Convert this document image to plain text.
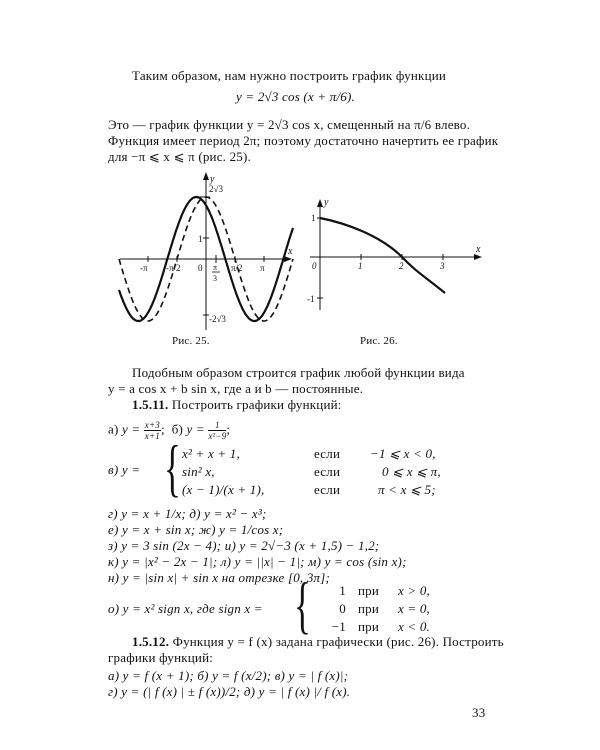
Таким образом, нам нужно построить график функции
y = 2√3 cos (x + π/6).
Это — график функции y = 2√3 cos x, смещенный на π/6 влево.
Функция имеет период 2π; поэтому достаточно начертить ее график
для −π ⩽ x ⩽ π (рис. 25).
y
x
2√3
1
-2√3
-π -π/2 0 π
3
π/2 π
Рис. 25.
y
x
1
-1
0	1	2	3
Рис. 26.
Подобным образом строится график любой функции вида
y = a cos x + b sin x, где a и b — постоянные.
1.5.11. Построить графики функций:
а) $y = \frac{x+3}{x+1}$ ;  б) $y = \frac{1}{\text{x²−9}}$ ;
в) y = { x² + x + 1,	если −1 ⩽ x < 0,
sin² x,	если	0 ⩽ x ⩽ π,
(x − 1)/(x + 1),	если	π < x ⩽ 5;
г) y = x + 1/x; д) y = x² − x³;
е) y = x + sin x; ж) y = 1/cos x;
з) y = 3 sin (2x − 4); и) y = 2√−3 (x + 1,5) − 1,2;
к) y = |x² − 2x − 1|; л) y = ||x| − 1|; м) y = cos (sin x);
н) y = |sin x| + sin x на отрезке [0, 3π];
о) y = x² sign x, где sign x = {	1 при x > 0,
0 при x = 0,
−1 при x < 0.
1.5.12. Функция y = f (x) задана графически (рис. 26). Построить
графики функций:
а) y = f (x + 1); б) y = f (x/2); в) y = | f (x)|;
г) y = (| f (x) | ± f (x))/2; д) y = | f (x) |/ f (x).
33
